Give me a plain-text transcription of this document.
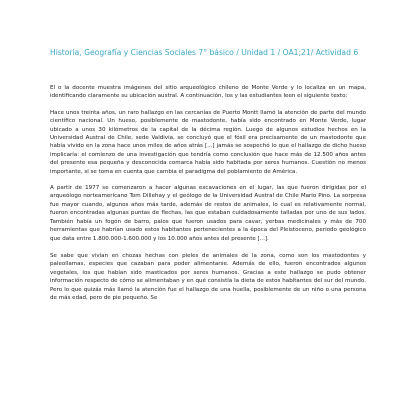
Historia, Geografía y Ciencias Sociales 7° básico / Unidad 1 / OA1;21/ Actividad 6

El o la docente muestra imágenes del sitio arqueológico chileno de Monte Verde y lo localiza en un mapa, identificando claramente su ubicación austral. A continuación, los y las estudiantes leen el siguiente texto:

Hace unos treinta años, un raro hallazgo en las cercanías de Puerto Montt llamó la atención de parte del mundo científico nacional. Un hueso, posiblemente de mastodonte, había sido encontrado en Monte Verde, lugar ubicado a unos 30 kilómetros de la capital de la décima región. Luego de algunos estudios hechos en la Universidad Austral de Chile, sede Valdivia, se concluyó que el fósil era precisamente de un mastodonte que había vivido en la zona hace unos miles de años atrás [...] jamás se sospechó lo que el hallazgo de dicho hueso implicaría: el comienzo de una investigación que tendría como conclusión que hace más de 12.500 años antes del presente esa pequeña y desconocida comarca había sido habitada por seres humanos. Cuestión no menos importante, si se toma en cuenta que cambia el paradigma del poblamiento de América.

A partir de 1977 se comenzaron a hacer algunas excavaciones en el lugar, las que fueron dirigidas por el arqueólogo norteamericano Tom Dillehay y el geólogo de la Universidad Austral de Chile Mario Pino. La sorpresa fue mayor cuando, algunos años más tarde, además de restos de animales, lo cual es relativamente normal, fueron encontradas algunas puntas de flechas, las que estaban cuidadosamente talladas por uno de sus lados. También había un fogón de barro, palos que fueron usados para cavar, yerbas medicinales y más de 700 herramientas que habrían usado estos habitantes pertenecientes a la época del Pleistoceno, periodo geológico que data entre 1.800.000-1.600.000 y los 10.000 años antes del presente [...].

Se sabe que vivían en chozas hechas con pieles de animales de la zona, como son los mastodontes y paleollamas, especies que cazaban para poder alimentarse. Además de ello, fueron encontrados algunos vegetales, los que habían sido masticados por seres humanos. Gracias a este hallazgo se pudo obtener información respecto de cómo se alimentaban y en qué consistía la dieta de estos habitantes del sur del mundo. Pero lo que quizás más llamó la atención fue el hallazgo de una huella, posiblemente de un niño o una persona de más edad, pero de pie pequeño. Se
